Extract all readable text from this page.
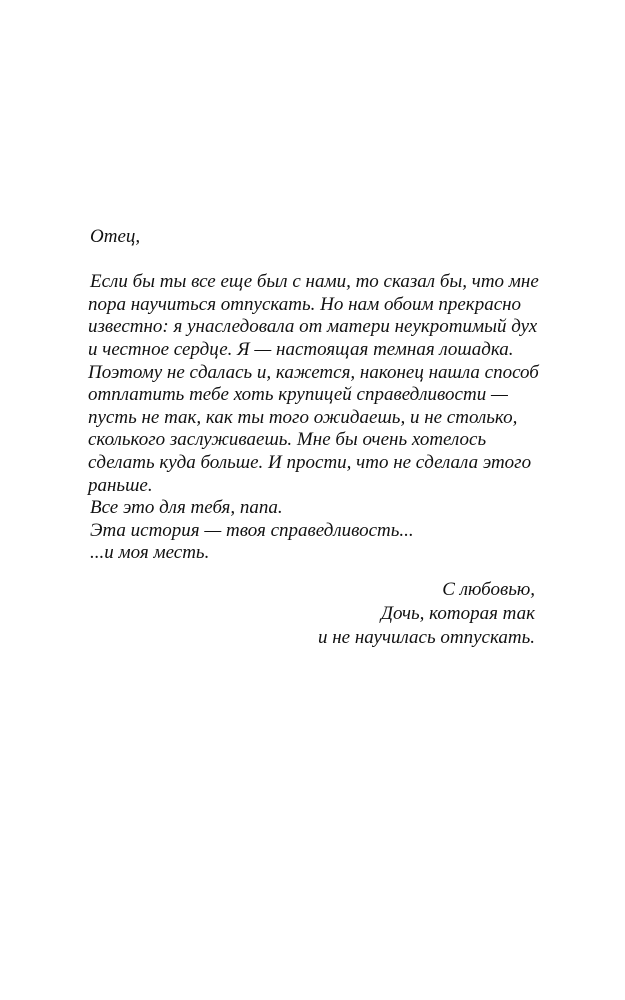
Отец,
Если бы ты все еще был с нами, то сказал бы, что мне
пора научиться отпускать. Но нам обоим прекрасно
известно: я унаследовала от матери неукротимый дух
и честное сердце. Я — настоящая темная лошадка.
Поэтому не сдалась и, кажется, наконец нашла способ
отплатить тебе хоть крупицей справедливости —
пусть не так, как ты того ожидаешь, и не столько,
сколького заслуживаешь. Мне бы очень хотелось
сделать куда больше. И прости, что не сделала этого
раньше.
Все это для тебя, папа.
Эта история — твоя справедливость...
...и моя месть.
С любовью,
Дочь, которая так
и не научилась отпускать.
